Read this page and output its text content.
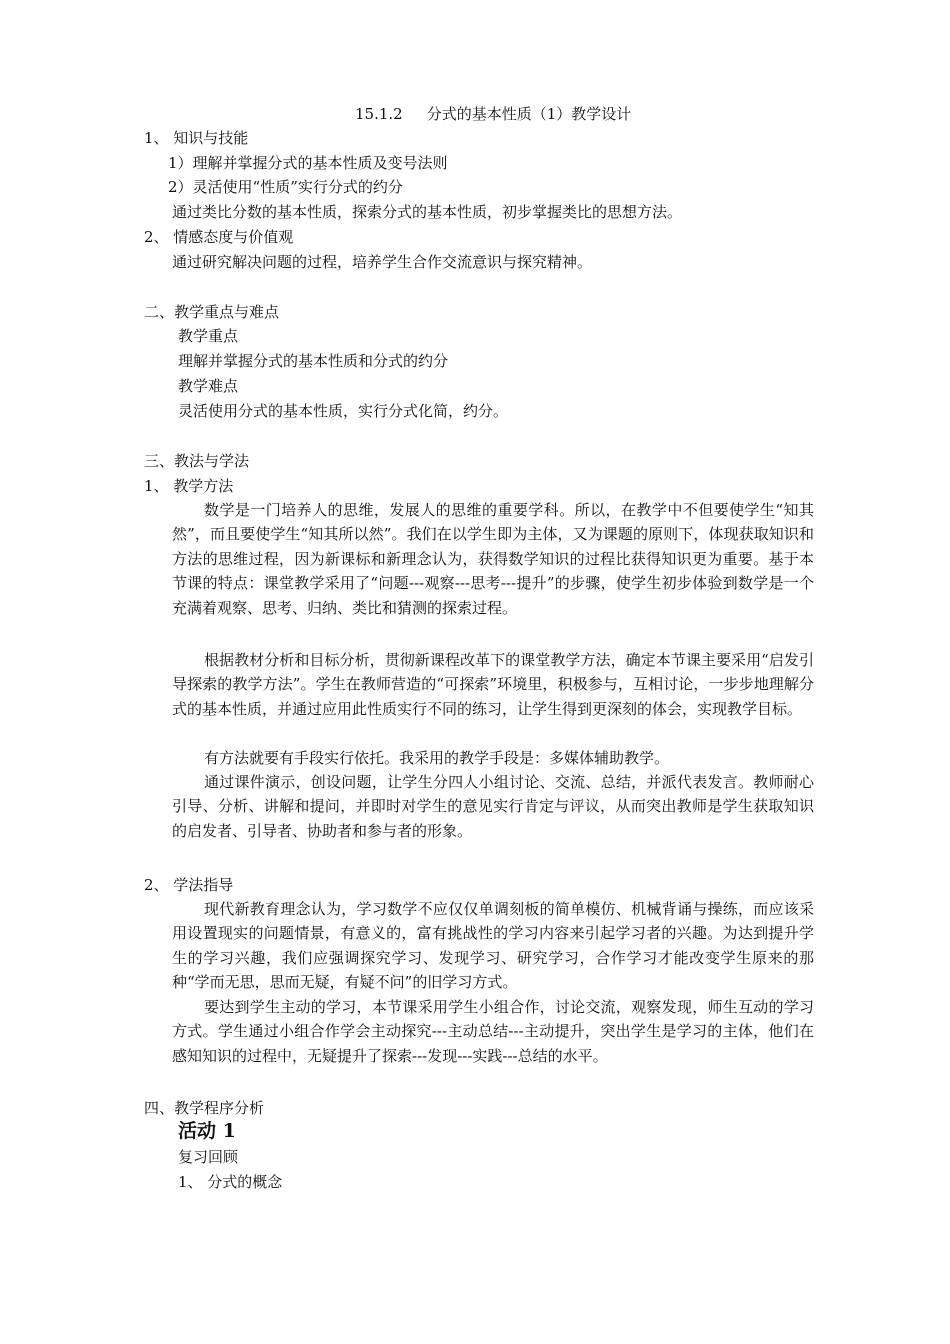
15.1.2 分式的基本性质（1）教学设计
1、 知识与技能
1）理解并掌握分式的基本性质及变号法则
2）灵活使用“性质”实行分式的约分
通过类比分数的基本性质，探索分式的基本性质，初步掌握类比的思想方法。
2、 情感态度与价值观
通过研究解决问题的过程，培养学生合作交流意识与探究精神。
二、教学重点与难点
教学重点
理解并掌握分式的基本性质和分式的约分
教学难点
灵活使用分式的基本性质，实行分式化简，约分。
三、教法与学法
1、 教学方法
数学是一门培养人的思维，发展人的思维的重要学科。所以，在教学中不但要使学生“知其然”，而且要使学生“知其所以然”。我们在以学生即为主体，又为课题的原则下，体现获取知识和方法的思维过程，因为新课标和新理念认为，获得数学知识的过程比获得知识更为重要。基于本节课的特点：课堂教学采用了“问题---观察---思考---提升”的步骤，使学生初步体验到数学是一个充满着观察、思考、归纳、类比和猜测的探索过程。
根据教材分析和目标分析，贯彻新课程改革下的课堂教学方法，确定本节课主要采用“启发引导探索的教学方法”。学生在教师营造的“可探索”环境里，积极参与，互相讨论，一步步地理解分式的基本性质，并通过应用此性质实行不同的练习，让学生得到更深刻的体会，实现教学目标。
有方法就要有手段实行依托。我采用的教学手段是：多媒体辅助教学。
通过课件演示，创设问题，让学生分四人小组讨论、交流、总结，并派代表发言。教师耐心引导、分析、讲解和提问，并即时对学生的意见实行肯定与评议，从而突出教师是学生获取知识的启发者、引导者、协助者和参与者的形象。
2、 学法指导
现代新教育理念认为，学习数学不应仅仅单调刻板的简单模仿、机械背诵与操练，而应该采用设置现实的问题情景，有意义的，富有挑战性的学习内容来引起学习者的兴趣。为达到提升学生的学习兴趣，我们应强调探究学习、发现学习、研究学习，合作学习才能改变学生原来的那种“学而无思，思而无疑，有疑不问”的旧学习方式。
要达到学生主动的学习，本节课采用学生小组合作，讨论交流，观察发现，师生互动的学习方式。学生通过小组合作学会主动探究---主动总结---主动提升，突出学生是学习的主体，他们在感知知识的过程中，无疑提升了探索---发现---实践---总结的水平。
四、教学程序分析
活动 1
复习回顾
1、 分式的概念
